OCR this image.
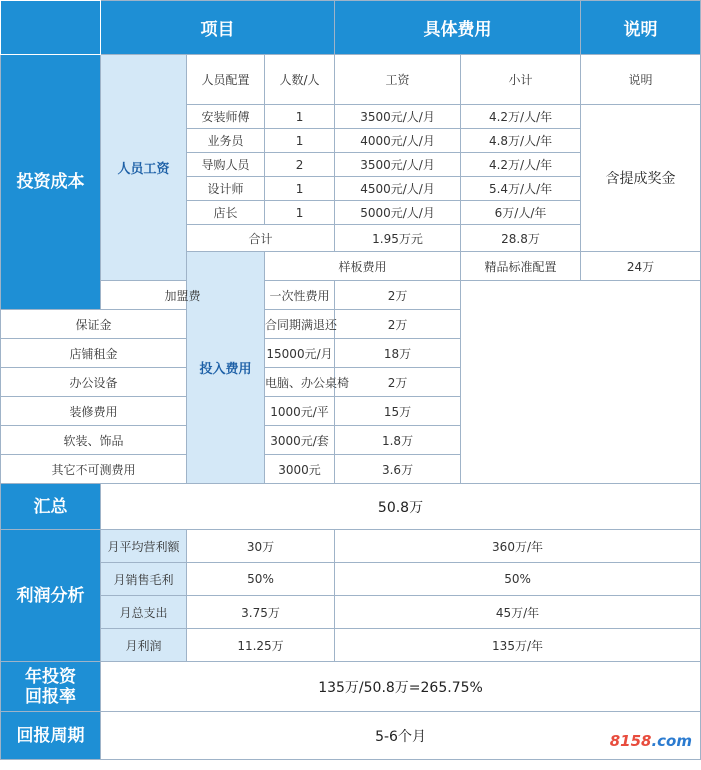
	项目			具体费用		说明	
投资成本	人员工资	人员配置	人数/人	工资	小计	说明	
		安装师傅	1	3500元/人/月	4.2万/人/年	含提成奖金	
		业务员	1	4000元/人/月	4.8万/人/年		
		导购人员	2	3500元/人/月	4.2万/人/年		
		设计师	1	4500元/人/月	5.4万/人/年		
		店长	1	5000元/人/月	6万/人/年		
		合计		1.95万元	28.8万		
		投入费用	样板费用		精品标准配置	24万	
	加盟费		一次性费用	2万			
保证金			合同期满退还	2万			
店铺租金			15000元/月	18万			
办公设备			电脑、办公桌椅	2万			
装修费用			1000元/平	15万			
软装、饰品			3000元/套	1.8万			
其它不可测费用			3000元	3.6万			
汇总	50.8万						
利润分析	月平均营利额	30万		360万/年			
	月销售毛利	50%		50%			
	月总支出	3.75万		45万/年			
	月利润	11.25万		135万/年			

年投资回报率	135万/50.8万=265.75%						
回报周期	5-6个月							8158.com
